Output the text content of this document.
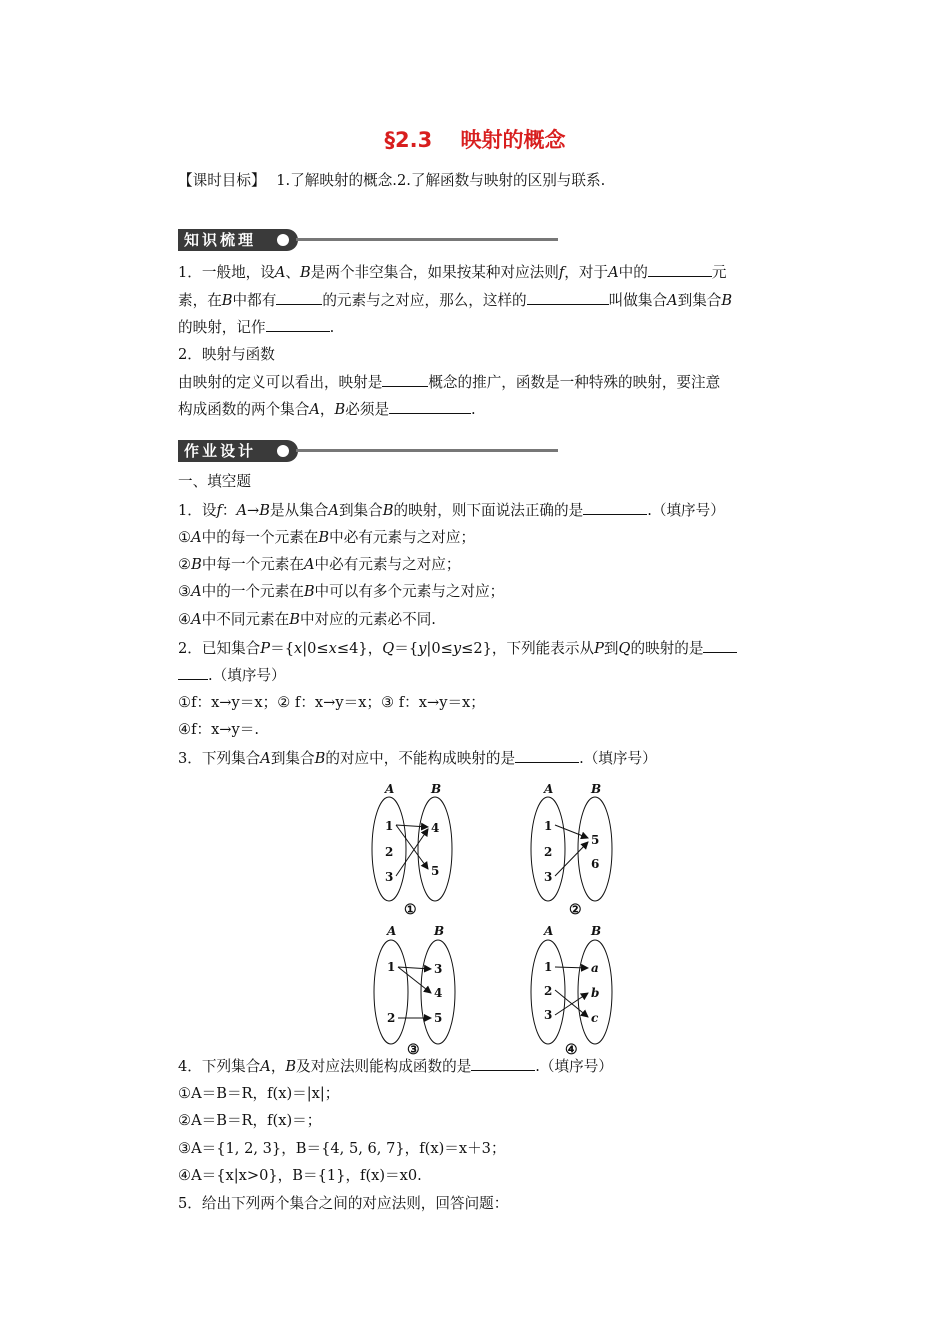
§2.3　 映射的概念
【课时目标】 1.了解映射的概念.2.了解函数与映射的区别与联系.
知识梳理
1．一般地，设A、B是两个非空集合，如果按某种对应法则f，对于A中的	元
素，在B中都有	的元素与之对应，那么，这样的	叫做集合A到集合B
的映射，记作	.
2．映射与函数
由映射的定义可以看出，映射是	概念的推广，函数是一种特殊的映射，要注意
构成函数的两个集合A，B必须是	.
作业设计
一、填空题
1．设f：A→B是从集合A到集合B的映射，则下面说法正确的是	.（填序号）
①A中的每一个元素在B中必有元素与之对应；
②B中每一个元素在A中必有元素与之对应；
③A中的一个元素在B中可以有多个元素与之对应；
④A中不同元素在B中对应的元素必不同.
2．已知集合P＝{x|0≤x≤4}，Q＝{y|0≤y≤2}，下列能表示从P到Q的映射的是
.（填序号）
①f：x→y＝x；② f：x→y＝x；③ f：x→y＝x；
④f：x→y＝.
3．下列集合A到集合B的对应中，不能构成映射的是	.（填序号）
A	B
1
2
3
4
5
①
A	B
1
2
3
5
6
②
A	B
1
2
3
4
5
③
A	B
1
2
3
a
b
c
④
4．下列集合A，B及对应法则能构成函数的是	.（填序号）
①A＝B＝R，f(x)＝|x|；
②A＝B＝R，f(x)＝；
③A＝{1, 2, 3}，B＝{4, 5, 6, 7}，f(x)＝x＋3；
④A＝{x|x>0}，B＝{1}，f(x)＝x0.
5．给出下列两个集合之间的对应法则，回答问题：
